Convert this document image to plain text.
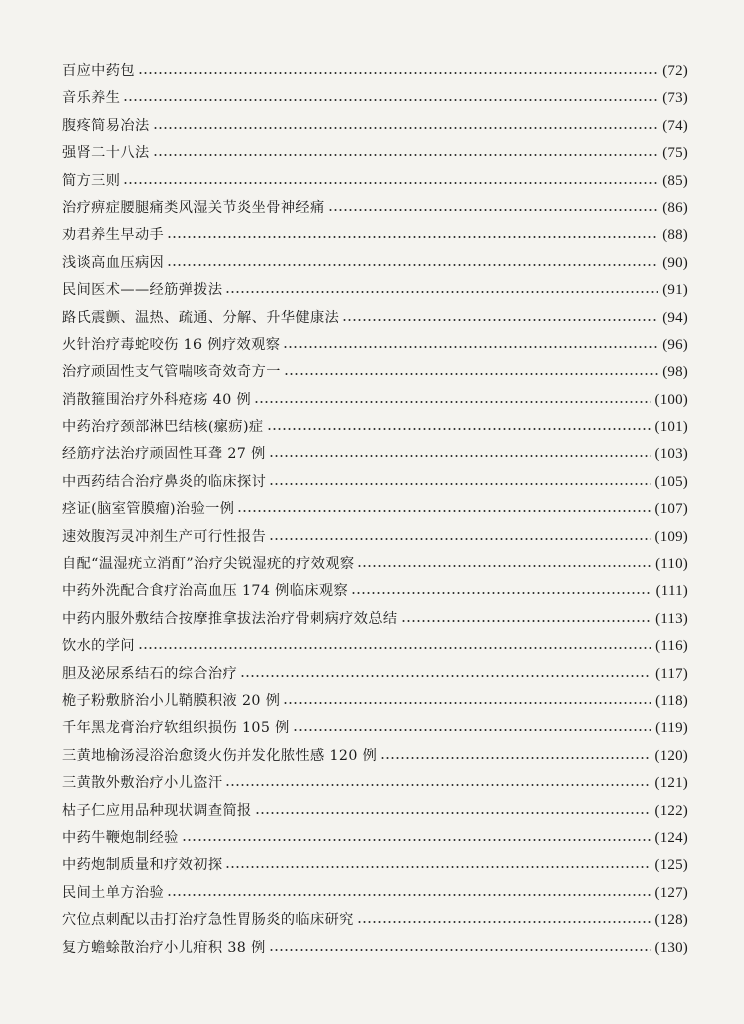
百应中药包	(72)
音乐养生	(73)
腹疼简易冶法	(74)
强肾二十八法	(75)
简方三则	(85)
治疗痹症腰腿痛类风湿关节炎坐骨神经痛	(86)
劝君养生早动手	(88)
浅谈高血压病因	(90)
民间医术——经筋弹拨法	(91)
路氏震颤、温热、疏通、分解、升华健康法	(94)
火针治疗毒蛇咬伤 16 例疗效观察	(96)
治疗顽固性支气管喘咳奇效奇方一	(98)
消散箍围治疗外科疮疡 40 例	(100)
中药治疗颈部淋巴结核(瘰疬)症	(101)
经筋疗法治疗顽固性耳聋 27 例	(103)
中西药结合治疗鼻炎的临床探讨	(105)
痉证(脑室管膜瘤)治验一例	(107)
速效腹泻灵冲剂生产可行性报告	(109)
自配“温湿疣立消酊”治疗尖锐湿疣的疗效观察	(110)
中药外洗配合食疗治高血压 174 例临床观察	(111)
中药内服外敷结合按摩推拿拔法治疗骨刺病疗效总结	(113)
饮水的学问	(116)
胆及泌尿系结石的综合治疗	(117)
桅子粉敷脐治小儿鞘膜积液 20 例	(118)
千年黑龙膏治疗软组织损伤 105 例	(119)
三黄地榆汤浸浴治愈烫火伤并发化脓性感 120 例	(120)
三黄散外敷治疗小儿盗汗	(121)
枯子仁应用品种现状调查简报	(122)
中药牛鞭炮制经验	(124)
中药炮制质量和疗效初探	(125)
民间土单方治验	(127)
穴位点刺配以击打治疗急性胃肠炎的临床研究	(128)
复方蟾蜍散治疗小儿疳积 38 例	(130)
